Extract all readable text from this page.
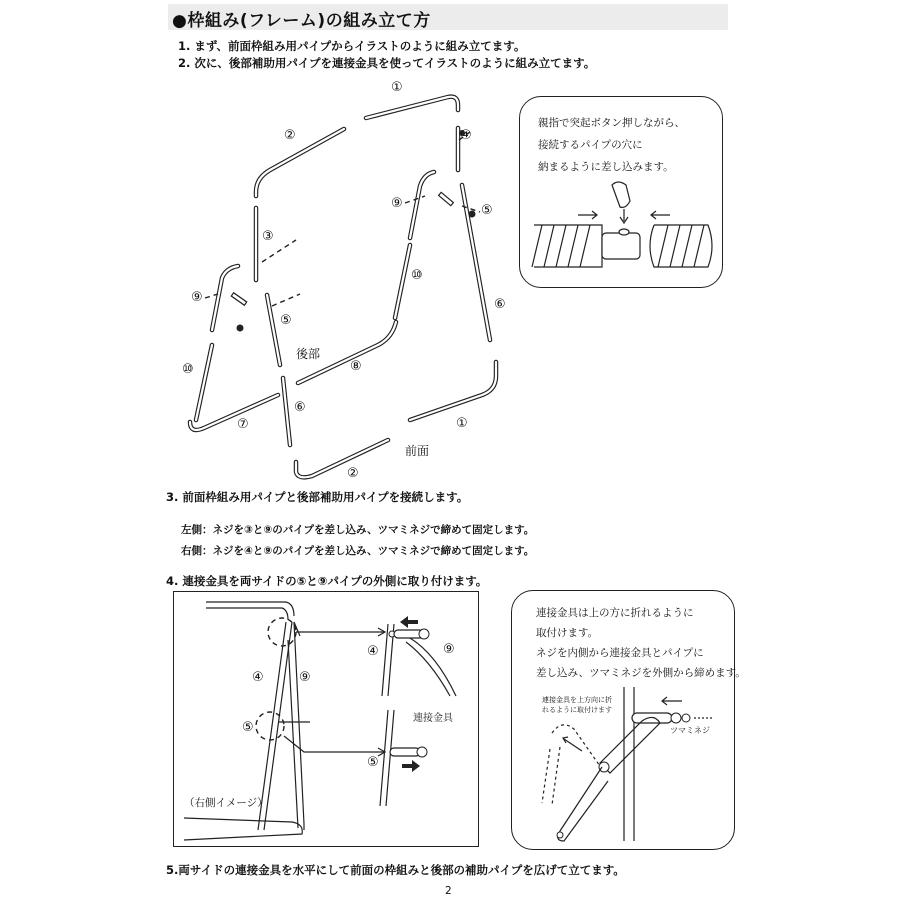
●枠組み(フレーム)の組み立て方
1. まず、前面枠組み用パイプからイラストのように組み立てます。
2. 次に、後部補助用パイプを連接金具を使ってイラストのように組み立てます。
①
②
③
④
⑤
⑤
⑥
⑥
⑦
⑧
⑨
⑨
⑩
⑩
①
②
後部
前面
親指で突起ボタン押しながら、
接続するパイプの穴に
納まるように差し込みます。
3. 前面枠組み用パイプと後部補助用パイプを接続します。
左側：ネジを③と⑨のパイプを差し込み、ツマミネジで締めて固定します。
右側：ネジを④と⑨のパイプを差し込み、ツマミネジで締めて固定します。
4. 連接金具を両サイドの⑤と⑨パイプの外側に取り付けます。
④	⑨
⑤
（右側イメージ）
④	⑨
⑤
連接金具
連接金具は上の方に折れるように
取付けます。
ネジを内側から連接金具とパイプに
差し込み、ツマミネジを外側から締めます。
連接金具を上方向に折
れるように取付けます
ツマミネジ
5.両サイドの連接金具を水平にして前面の枠組みと後部の補助パイプを広げて立てます。
2
